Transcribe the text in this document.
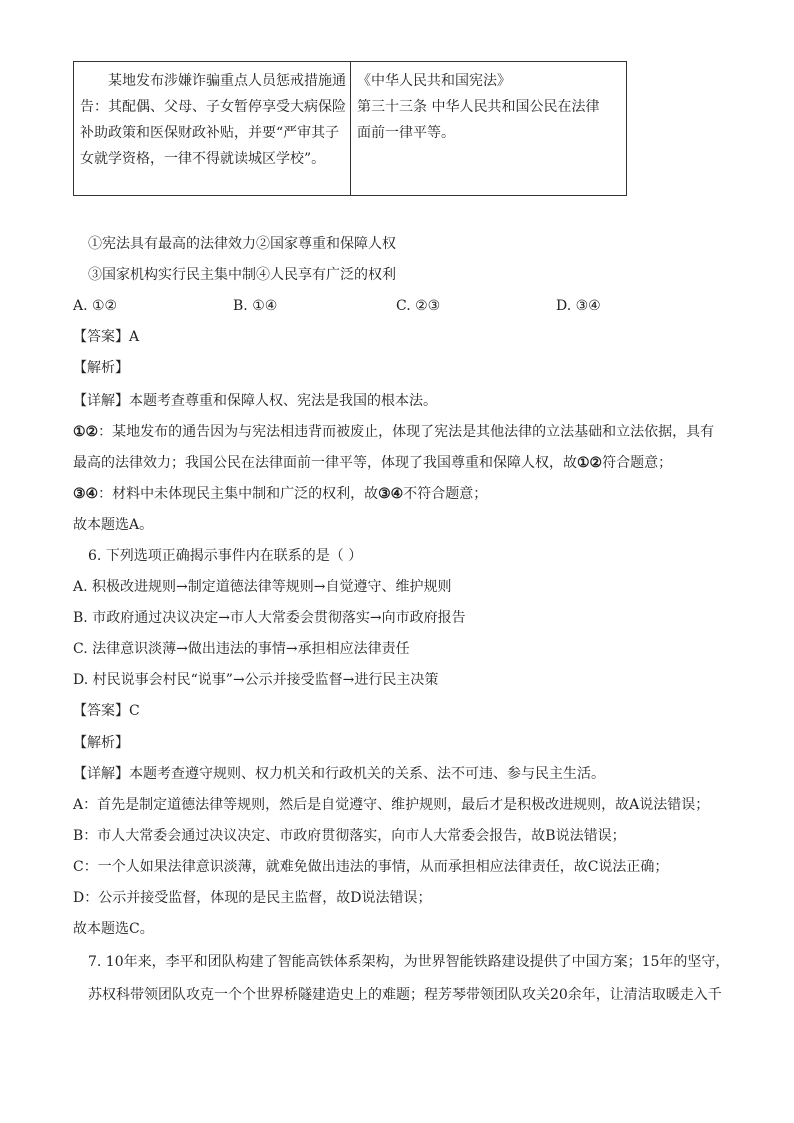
某地发布涉嫌诈骗重点人员惩戒措施通
告：其配偶、父母、子女暂停享受大病保险
补助政策和医保财政补贴，并要“严审其子
女就学资格，一律不得就读城区学校”。

《中华人民共和国宪法》
第三十三条 中华人民共和国公民在法律
面前一律平等。
①宪法具有最高的法律效力②国家尊重和保障人权
③国家机构实行民主集中制④人民享有广泛的权利
A. ①②	B. ①④	C. ②③	D. ③④
【答案】A
【解析】
【详解】本题考查尊重和保障人权、宪法是我国的根本法。
①②：某地发布的通告因为与宪法相违背而被废止，体现了宪法是其他法律的立法基础和立法依据，具有
最高的法律效力；我国公民在法律面前一律平等，体现了我国尊重和保障人权，故①②符合题意；
③④：材料中未体现民主集中制和广泛的权利，故③④不符合题意；
故本题选A。
6. 下列选项正确揭示事件内在联系的是（ ）
A. 积极改进规则→制定道德法律等规则→自觉遵守、维护规则
B. 市政府通过决议决定→市人大常委会贯彻落实→向市政府报告
C. 法律意识淡薄→做出违法的事情→承担相应法律责任
D. 村民说事会村民“说事”→公示并接受监督→进行民主决策
【答案】C
【解析】
【详解】本题考查遵守规则、权力机关和行政机关的关系、法不可违、参与民主生活。
A：首先是制定道德法律等规则，然后是自觉遵守、维护规则，最后才是积极改进规则，故A说法错误；
B：市人大常委会通过决议决定、市政府贯彻落实，向市人大常委会报告，故B说法错误；
C：一个人如果法律意识淡薄，就难免做出违法的事情，从而承担相应法律责任，故C说法正确；
D：公示并接受监督，体现的是民主监督，故D说法错误；
故本题选C。
7. 10年来，李平和团队构建了智能高铁体系架构，为世界智能铁路建设提供了中国方案；15年的坚守，
苏权科带领团队攻克一个个世界桥隧建造史上的难题；程芳琴带领团队攻关20余年，让清洁取暖走入千
